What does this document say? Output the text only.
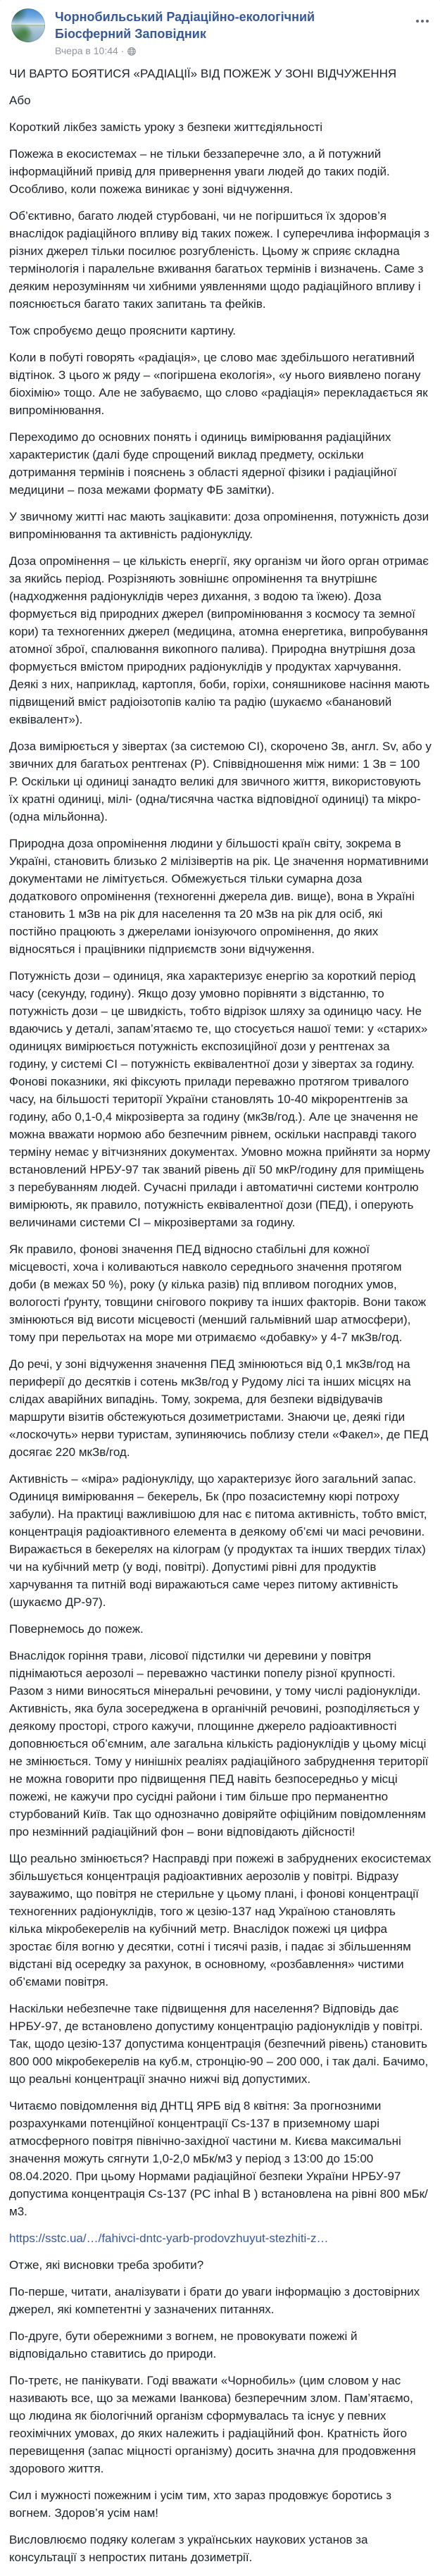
Чорнобильський Радіаційно-екологічний Біосферний Заповідник
Вчера в 10:44 ·

ЧИ ВАРТО БОЯТИСЯ «РАДІАЦІЇ» ВІД ПОЖЕЖ У ЗОНІ ВІДЧУЖЕННЯ

Або

Короткий лікбез замість уроку з безпеки життєдіяльності

Пожежа в екосистемах – не тільки беззаперечне зло, а й потужний інформаційний привід для привернення уваги людей до таких подій. Особливо, коли пожежа виникає у зоні відчуження.

Об’єктивно, багато людей стурбовані, чи не погіршиться їх здоров’я внаслідок радіаційного впливу від таких пожеж. І суперечлива інформація з різних джерел тільки посилює розгубленість. Цьому ж сприяє складна термінологія і паралельне вживання багатьох термінів і визначень. Саме з деяким нерозумінням чи хибними уявленнями щодо радіаційного впливу і пояснюється багато таких запитань та фейків.

Тож спробуємо дещо прояснити картину.

Коли в побуті говорять «радіація», це слово має здебільшого негативний відтінок. З цього ж ряду – «погіршена екологія», «у нього виявлено погану біохімію» тощо. Але не забуваємо, що слово «радіація» перекладається як випромінювання.

Переходимо до основних понять і одиниць вимірювання радіаційних характеристик (далі буде спрощений виклад предмету, оскільки дотримання термінів і пояснень з області ядерної фізики і радіаційної медицини – поза межами формату ФБ замітки).

У звичному житті нас мають зацікавити: доза опромінення, потужність дози випромінювання та активність радіонукліду.

Доза опромінення – це кількість енергії, яку організм чи його орган отримає за якийсь період. Розрізняють зовнішнє опромінення та внутрішнє (надходження радіонуклідів через дихання, з водою та їжею). Доза формується від природних джерел (випромінювання з космосу та земної кори) та техногенних джерел (медицина, атомна енергетика, випробування атомної зброї, спалювання викопного палива). Природна внутрішня доза формується вмістом природних радіонуклідів у продуктах харчування. Деякі з них, наприклад, картопля, боби, горіхи, соняшникове насіння мають підвищений вміст радіоізотопів калію та радію (шукаємо «банановий еквівалент»).

Доза вимірюється у зівертах (за системою СІ), скорочено Зв, англ. Sv, або у звичних для багатьох рентгенах (Р). Співвідношення між ними: 1 Зв = 100 Р. Оскільки ці одиниці занадто великі для звичного життя, використовують їх кратні одиниці, мілі- (одна/тисячна частка відповідної одиниці) та мікро- (одна мільйонна).

Природна доза опромінення людини у більшості країн світу, зокрема в Україні, становить близько 2 мілізівертів на рік. Це значення нормативними документами не лімітується. Обмежується тільки сумарна доза додаткового опромінення (техногенні джерела див. вище), вона в Україні становить 1 мЗв на рік для населення та 20 мЗв на рік для осіб, які постійно працюють з джерелами іонізуючого опромінення, до яких відносяться і працівники підприємств зони відчуження.

Потужність дози – одиниця, яка характеризує енергію за короткий період часу (секунду, годину). Якщо дозу умовно порівняти з відстанню, то потужність дози – це швидкість, тобто відрізок шляху за одиницю часу. Не вдаючись у деталі, запам’ятаємо те, що стосується нашої теми: у «старих» одиницях вимірюється потужність експозиційної дози у рентгенах за годину, у системі СІ – потужність еквівалентної дози у зівертах за годину. Фонові показники, які фіксують прилади переважно протягом тривалого часу, на більшості території України становлять 10-40 мікрорентгенів за годину, або 0,1-0,4 мікрозіверта за годину (мкЗв/год.). Але це значення не можна вважати нормою або безпечним рівнем, оскільки насправді такого терміну немає у вітчизняних документах. Умовно можна прийняти за норму встановлений НРБУ-97 так званий рівень дії 50 мкР/годину для приміщень з перебуванням людей. Сучасні прилади і автоматичні системи контролю вимірюють, як правило, потужність еквівалентної дози (ПЕД), і оперують величинами системи СІ – мікрозівертами за годину.

Як правило, фонові значення ПЕД відносно стабільні для кожної місцевості, хоча і коливаються навколо середнього значення протягом доби (в межах 50 %), року (у кілька разів) під впливом погодних умов, вологості ґрунту, товщини снігового покриву та інших факторів. Вони також змінюються від висоти місцевості (менший гальмівний шар атмосфери), тому при перельотах на море ми отримаємо «добавку» у 4-7 мкЗв/год.

До речі, у зоні відчуження значення ПЕД змінюються від 0,1 мкЗв/год на периферії до десятків і сотень мкЗв/год у Рудому лісі та інших місцях на слідах аварійних випадінь. Тому, зокрема, для безпеки відвідувачів маршрути візитів обстежуються дозиметристами. Знаючи це, деякі гіди «лоскочуть» нерви туристам, зупиняючись поблизу стели «Факел», де ПЕД досягає 220 мкЗв/год.

Активність – «міра» радіонукліду, що характеризує його загальний запас. Одиниця вимірювання – бекерель, Бк (про позасистемну кюрі потроху забули). На практиці важливішою для нас є питома активність, тобто вміст, концентрація радіоактивного елемента в деякому об’ємі чи масі речовини. Виражається в бекерелях на кілограм (у продуктах та інших твердих тілах) чи на кубічний метр (у воді, повітрі). Допустимі рівні для продуктів харчування та питній воді виражаються саме через питому активність (шукаємо ДР-97).

Повернемось до пожеж.

Внаслідок горіння трави, лісової підстилки чи деревини у повітря піднімаються аерозолі – переважно частинки попелу різної крупності. Разом з ними виносяться мінеральні речовини, у тому числі радіонукліди. Активність, яка була зосереджена в органічній речовині, розподіляється у деякому просторі, строго кажучи, площинне джерело радіоактивності доповнюється об’ємним, але загальна кількість радіонуклідів у цьому місці не змінюється. Тому у нинішніх реаліях радіаційного забруднення території не можна говорити про підвищення ПЕД навіть безпосередньо у місці пожежі, не кажучи про сусідні райони і тим більше про перманентно стурбований Київ. Так що однозначно довіряйте офіційним повідомленням про незмінний радіаційний фон – вони відповідають дійсності!

Що реально змінюється? Насправді при пожежі в забруднених екосистемах збільшується концентрація радіоактивних аерозолів у повітрі. Відразу зауважимо, що повітря не стерильне у цьому плані, і фонові концентрації техногенних радіонуклідів, того ж цезію-137 над Україною становлять кілька мікробекерелів на кубічний метр. Внаслідок пожежі ця цифра зростає біля вогню у десятки, сотні і тисячі разів, і падає зі збільшенням відстані від осередку за рахунок, в основному, «розбавлення» чистими об’ємами повітря.

Наскільки небезпечне таке підвищення для населення? Відповідь дає НРБУ-97, де встановлено допустиму концентрацію радіонуклідів у повітрі. Так, щодо цезію-137 допустима концентрація (безпечний рівень) становить 800 000 мікробекерелів на куб.м, стронцію-90 – 200 000, і так далі. Бачимо, що реальні концентрації значно нижчі від допустимих.

Читаємо повідомлення від ДНТЦ ЯРБ від 8 квітня: За прогнозними розрахунками потенційної концентрації Cs-137 в приземному шарі атмосферного повітря північно-західної частини м. Києва максимальні значення можуть сягнути 1,0-2,0 мБк/м3 у період з 13:00 до 15:00 08.04.2020. При цьому Нормами радіаційної безпеки України НРБУ-97 допустима концентрація Cs-137 (PC inhal B ) встановлена на рівні 800 мБк/м3.

https://sstc.ua/…/fahivci-dntc-yarb-prodovzhuyut-stezhiti-z…

Отже, які висновки треба зробити?

По-перше, читати, аналізувати і брати до уваги інформацію з достовірних джерел, які компетентні у зазначених питаннях.

По-друге, бути обережними з вогнем, не провокувати пожежі й відповідально ставитись до природи.

По-третє, не панікувати. Годі вважати «Чорнобиль» (цим словом у нас називають все, що за межами Іванкова) безперечним злом. Пам’ятаємо, що людина як біологічний організм сформувалась та існує у певних геохімічних умовах, до яких належить і радіаційний фон. Кратність його перевищення (запас міцності організму) досить значна для продовження здорового життя.

Сил і мужності пожежним і усім тим, хто зараз продовжує боротись з вогнем. Здоров’я усім нам!

Висловлюємо подяку колегам з українських наукових установ за консультації з непростих питань дозиметрії.
